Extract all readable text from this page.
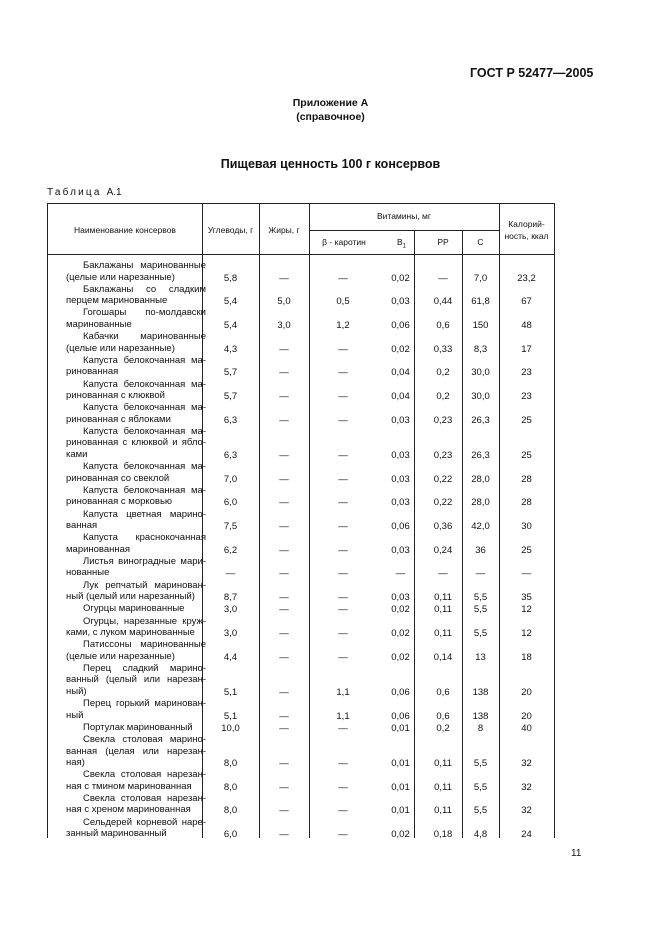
ГОСТ Р 52477—2005
Приложение А
(справочное)
Пищевая ценность 100 г консервов
Таблица А.1
Наименование консервов	Углеводы, г	Жиры, г
Витамины, мг
β - каротин	$В_1$	РР	С
Калорий-
ность, ккал
Баклажаны маринованные
(целые или нарезанные)	5,8	—	—	0,02	—	7,0	23,2
Баклажаны со сладким
перцем маринованные	5,4	5,0	0,5	0,03	0,44	61,8	67
Гогошары по-молдавски
маринованные	5,4	3,0	1,2	0,06	0,6	150	48
Кабачки маринованные
(целые или нарезанные)	4,3	—	—	0,02	0,33	8,3	17
Капуста белокочанная ма-
ринованная	5,7	—	—	0,04	0,2	30,0	23
Капуста белокочанная ма-
ринованная с клюквой	5,7	—	—	0,04	0,2	30,0	23
Капуста белокочанная ма-
ринованная с яблоками	6,3	—	—	0,03	0,23	26,3	25
Капуста белокочанная ма-
ринованная с клюквой и ябло-
ками	6,3	—	—	0,03	0,23	26,3	25
Капуста белокочанная ма-
ринованная со свеклой	7,0	—	—	0,03	0,22	28,0	28
Капуста белокочанная ма-
ринованная с морковью	6,0	—	—	0,03	0,22	28,0	28
Капуста цветная марино-
ванная	7,5	—	—	0,06	0,36	42,0	30
Капуста краснокочанная
маринованная	6,2	—	—	0,03	0,24	36	25
Листья виноградные мари-
нованные	—	—	—	—	—	—	—
Лук репчатый маринован-
ный (целый или нарезанный)	8,7	—	—	0,03	0,11	5,5	35
Огурцы маринованные	3,0	—	—	0,02	0,11	5,5	12
Огурцы, нарезанные круж-
ками, с луком маринованные	3,0	—	—	0,02	0,11	5,5	12
Патиссоны маринованные
(целые или нарезанные)	4,4	—	—	0,02	0,14	13	18
Перец сладкий марино-
ванный (целый или нарезан-
ный)	5,1	—	1,1	0,06	0,6	138	20
Перец горький маринован-
ный	5,1	—	1,1	0,06	0,6	138	20
Портулак маринованный	10,0	—	—	0,01	0,2	8	40
Свекла столовая марино-
ванная (целая или нарезан-
ная)	8,0	—	—	0,01	0,11	5,5	32
Свекла столовая нарезан-
ная с тмином маринованная	8,0	—	—	0,01	0,11	5,5	32
Свекла столовая нарезан-
ная с хреном маринованная	8,0	—	—	0,01	0,11	5,5	32
Сельдерей корневой наре-
занный маринованный	6,0	—	—	0,02	0,18	4,8	24
11
